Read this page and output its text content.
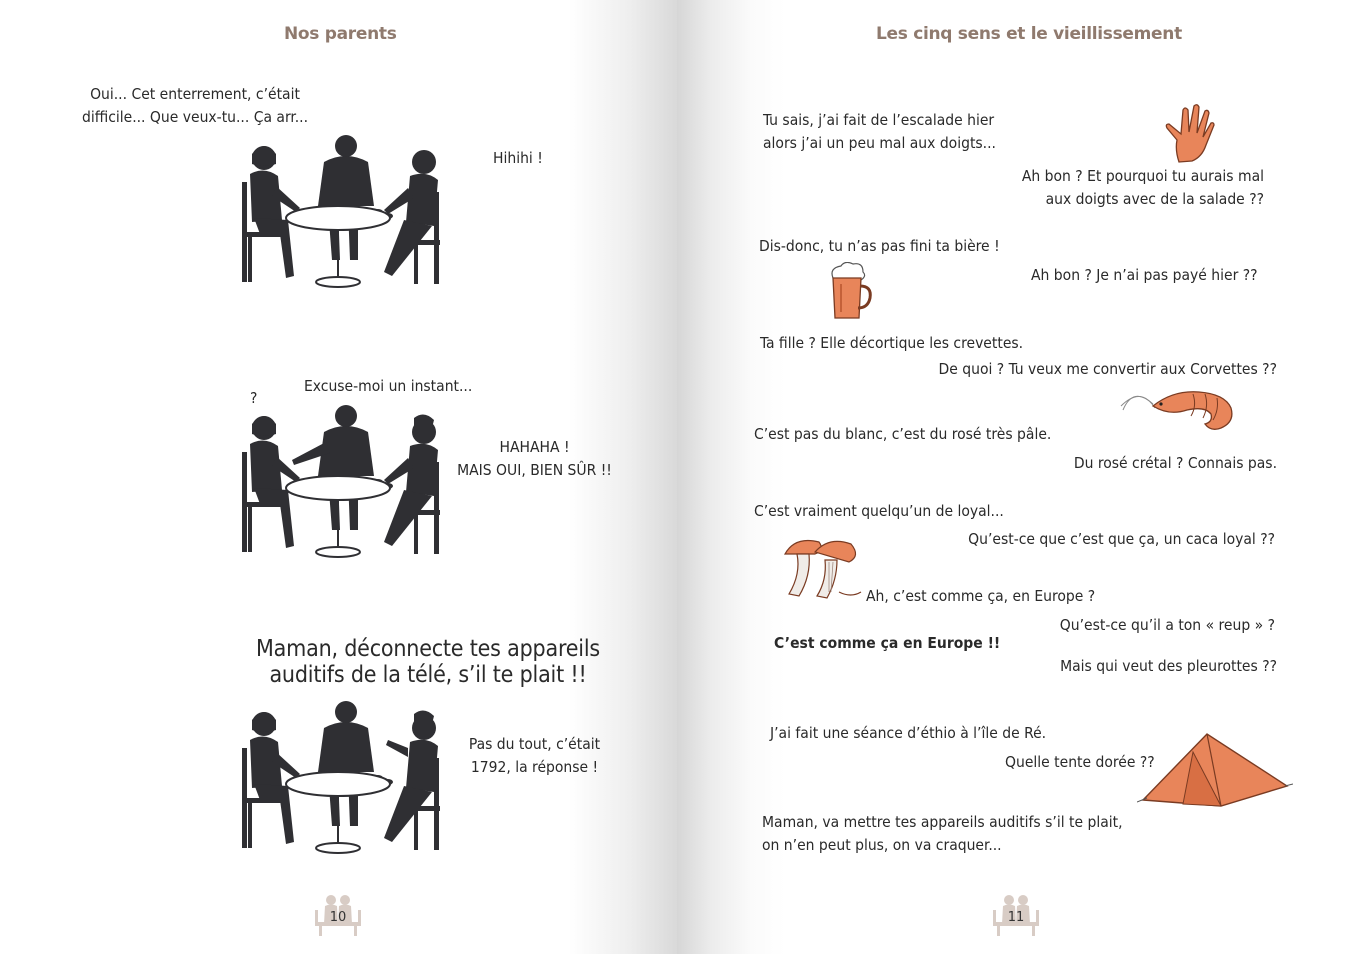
Nos parents
Oui... Cet enterrement, c’était
difficile... Que veux-tu... Ça arr...
Hihihi !
?
Excuse-moi un instant...
HAHAHA !
MAIS OUI, BIEN SÛR !!
Maman, déconnecte tes appareils
auditifs de la télé, s’il te plait !!
Pas du tout, c’était
1792, la réponse !
10
Les cinq sens et le vieillissement
Tu sais, j’ai fait de l’escalade hier
alors j’ai un peu mal aux doigts...
Ah bon ? Et pourquoi tu aurais mal
aux doigts avec de la salade ??
Dis-donc, tu n’as pas fini ta bière !
Ah bon ? Je n’ai pas payé hier ??
Ta fille ? Elle décortique les crevettes.
De quoi ? Tu veux me convertir aux Corvettes ??
C’est pas du blanc, c’est du rosé très pâle.
Du rosé crétal ? Connais pas.
C’est vraiment quelqu’un de loyal...
Qu’est-ce que c’est que ça, un caca loyal ??
Ah, c’est comme ça, en Europe ?
C’est comme ça en Europe !!
Qu’est-ce qu’il a ton « reup » ?
Mais qui veut des pleurottes ??
J’ai fait une séance d’éthio à l’île de Ré.
Quelle tente dorée ??
Maman, va mettre tes appareils auditifs s’il te plait,
on n’en peut plus, on va craquer...
11
